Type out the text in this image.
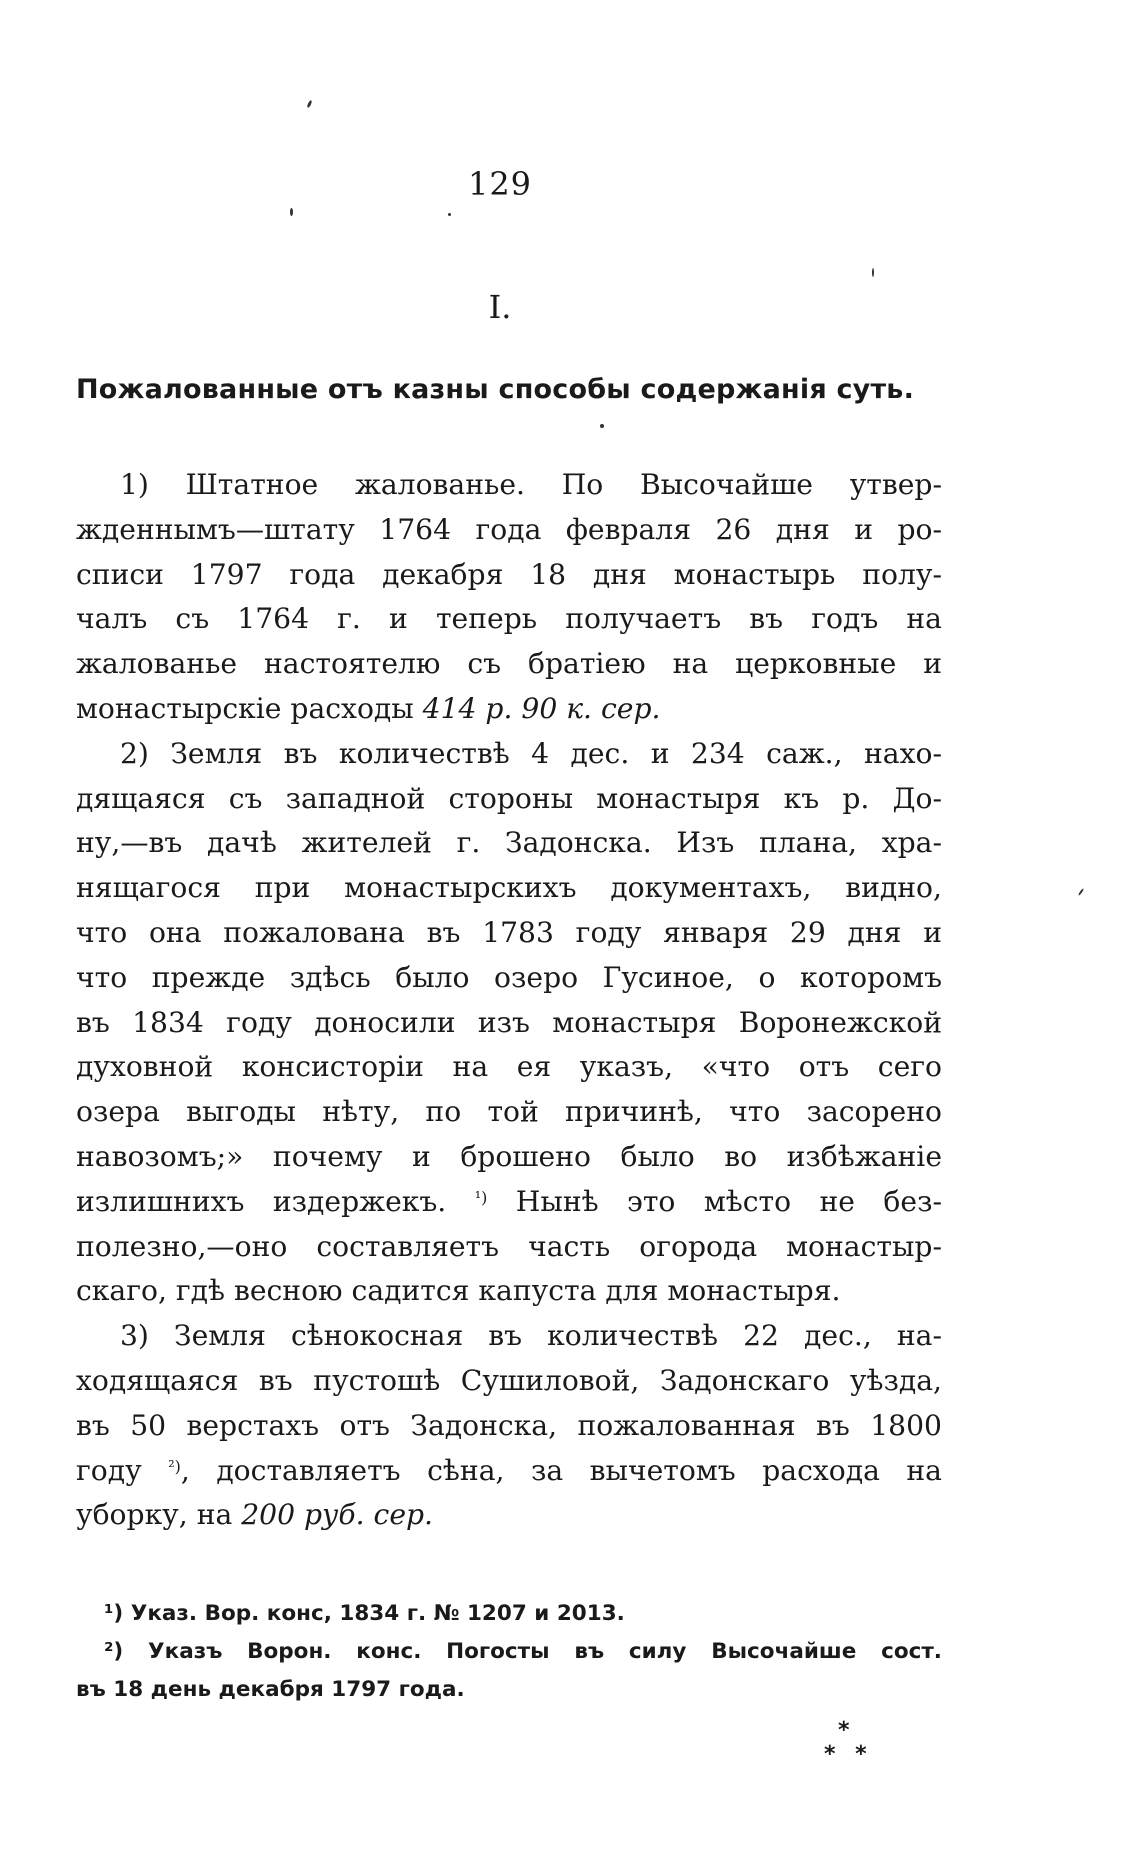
129
I.
Пожалованные отъ казны способы содержанія суть.
1) Штатное жалованье. По Высочайше утвер-
жденнымъ—штату 1764 года февраля 26 дня и ро-
списи 1797 года декабря 18 дня монастырь полу-
чалъ съ 1764 г. и теперь получаетъ въ годъ на
жалованье настоятелю съ братіею на церковные и
монастырскіе расходы 414 р. 90 к. сер.
2) Земля въ количествѣ 4 дес. и 234 саж., нахо-
дящаяся съ западной стороны монастыря къ р. До-
ну,—въ дачѣ жителей г. Задонска. Изъ плана, хра-
нящагося при монастырскихъ документахъ, видно,
что она пожалована въ 1783 году января 29 дня и
что прежде здѣсь было озеро Гусиное, о которомъ
въ 1834 году доносили изъ монастыря Воронежской
духовной консисторіи на ея указъ, «что отъ сего
озера выгоды нѣту, по той причинѣ, что засорено
навозомъ;» почему и брошено было во избѣжаніе
излишнихъ издержекъ. $^{^1)}$ Нынѣ это мѣсто не без-
полезно,—оно составляетъ часть огорода монастыр-
скаго, гдѣ весною садится капуста для монастыря.
3) Земля сѣнокосная въ количествѣ 22 дес., на-
ходящаяся въ пустошѣ Сушиловой, Задонскаго уѣзда,
въ 50 верстахъ отъ Задонска, пожалованная въ 1800
году $^{^2)}$, доставляетъ сѣна, за вычетомъ расхода на
уборку, на 200 руб. сер.
¹) Указ. Вор. конс, 1834 г. № 1207 и 2013.
²) Указъ Ворон. конс. Погосты въ силу Высочайше сост.
въ 18 день декабря 1797 года.
*
* *
